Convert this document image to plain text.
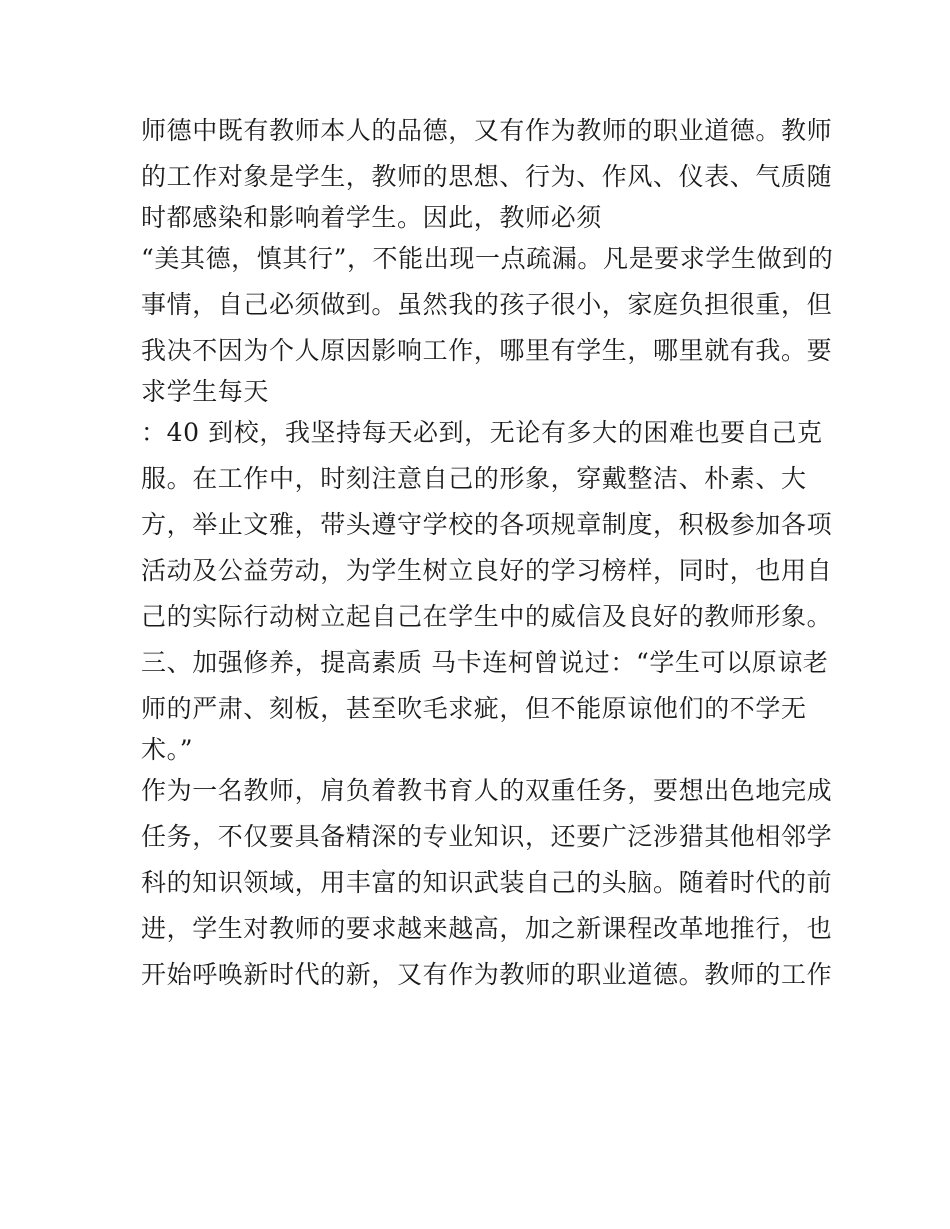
师德中既有教师本人的品德，又有作为教师的职业道德。教师
的工作对象是学生，教师的思想、行为、作风、仪表、气质随
时都感染和影响着学生。因此，教师必须
“美其德，慎其行”，不能出现一点疏漏。凡是要求学生做到的
事情，自己必须做到。虽然我的孩子很小，家庭负担很重，但
我决不因为个人原因影响工作，哪里有学生，哪里就有我。要
求学生每天
：40 到校，我坚持每天必到，无论有多大的困难也要自己克
服。在工作中，时刻注意自己的形象，穿戴整洁、朴素、大
方，举止文雅，带头遵守学校的各项规章制度，积极参加各项
活动及公益劳动，为学生树立良好的学习榜样，同时，也用自
己的实际行动树立起自己在学生中的威信及良好的教师形象。
三、加强修养，提高素质 马卡连柯曾说过：“学生可以原谅老
师的严肃、刻板，甚至吹毛求疵，但不能原谅他们的不学无
术。”
作为一名教师，肩负着教书育人的双重任务，要想出色地完成
任务，不仅要具备精深的专业知识，还要广泛涉猎其他相邻学
科的知识领域，用丰富的知识武装自己的头脑。随着时代的前
进，学生对教师的要求越来越高，加之新课程改革地推行，也
开始呼唤新时代的新，又有作为教师的职业道德。教师的工作
